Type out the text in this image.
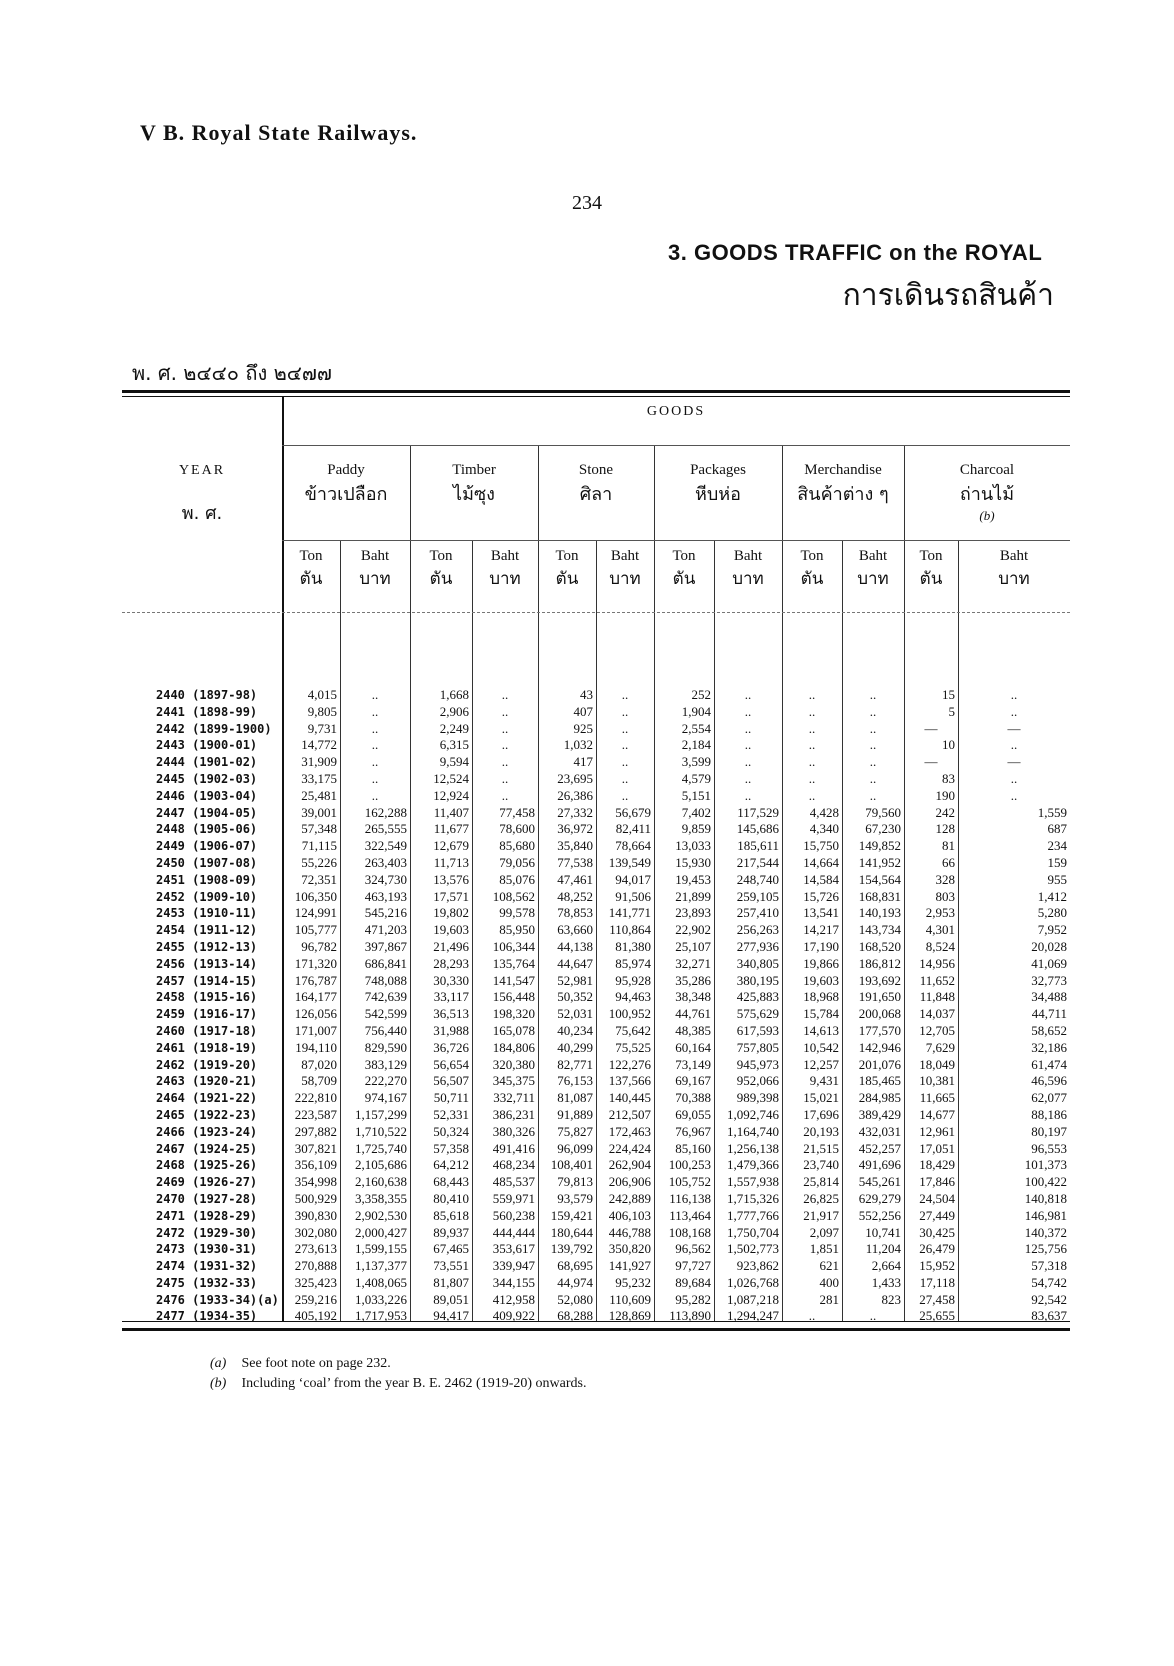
V B. Royal State Railways.
234
3. GOODS TRAFFIC on the ROYAL
การเดินรถสินค้า
พ. ศ. ๒๔๔๐ ถึง ๒๔๗๗
GOODS
YEAR
พ. ศ.
Paddy
ข้าวเปลือก
Timber
ไม้ซุง
Stone
ศิลา
Packages
หีบห่อ
Merchandise
สินค้าต่าง ๆ
Charcoal
ถ่านไม้
(b)
Ton
ตัน
Baht
บาท
Ton
ตัน
Baht
บาท
Ton
ตัน
Baht
บาท
Ton
ตัน
Baht
บาท
Ton
ตัน
Baht
บาท
Ton
ตัน
Baht
บาท
2440 (1897-98)	4,015	..	1,668	..	43	..	252	..	..	..	15	..	
2441 (1898-99)	9,805	..	2,906	..	407	..	1,904	..	..	..	5	..	
2442 (1899-1900)	9,731	..	2,249	..	925	..	2,554	..	..	..	—	—	
2443 (1900-01)	14,772	..	6,315	..	1,032	..	2,184	..	..	..	10	..	
2444 (1901-02)	31,909	..	9,594	..	417	..	3,599	..	..	..	—	—	
2445 (1902-03)	33,175	..	12,524	..	23,695	..	4,579	..	..	..	83	..	
2446 (1903-04)	25,481	..	12,924	..	26,386	..	5,151	..	..	..	190	..	
2447 (1904-05)	39,001	162,288	11,407	77,458	27,332	56,679	7,402	117,529	4,428	79,560	242	1,559	
2448 (1905-06)	57,348	265,555	11,677	78,600	36,972	82,411	9,859	145,686	4,340	67,230	128	687	
2449 (1906-07)	71,115	322,549	12,679	85,680	35,840	78,664	13,033	185,611	15,750	149,852	81	234	
2450 (1907-08)	55,226	263,403	11,713	79,056	77,538	139,549	15,930	217,544	14,664	141,952	66	159	
2451 (1908-09)	72,351	324,730	13,576	85,076	47,461	94,017	19,453	248,740	14,584	154,564	328	955	
2452 (1909-10)	106,350	463,193	17,571	108,562	48,252	91,506	21,899	259,105	15,726	168,831	803	1,412	
2453 (1910-11)	124,991	545,216	19,802	99,578	78,853	141,771	23,893	257,410	13,541	140,193	2,953	5,280	
2454 (1911-12)	105,777	471,203	19,603	85,950	63,660	110,864	22,902	256,263	14,217	143,734	4,301	7,952	
2455 (1912-13)	96,782	397,867	21,496	106,344	44,138	81,380	25,107	277,936	17,190	168,520	8,524	20,028	
2456 (1913-14)	171,320	686,841	28,293	135,764	44,647	85,974	32,271	340,805	19,866	186,812	14,956	41,069	
2457 (1914-15)	176,787	748,088	30,330	141,547	52,981	95,928	35,286	380,195	19,603	193,692	11,652	32,773	
2458 (1915-16)	164,177	742,639	33,117	156,448	50,352	94,463	38,348	425,883	18,968	191,650	11,848	34,488	
2459 (1916-17)	126,056	542,599	36,513	198,320	52,031	100,952	44,761	575,629	15,784	200,068	14,037	44,711	
2460 (1917-18)	171,007	756,440	31,988	165,078	40,234	75,642	48,385	617,593	14,613	177,570	12,705	58,652	
2461 (1918-19)	194,110	829,590	36,726	184,806	40,299	75,525	60,164	757,805	10,542	142,946	7,629	32,186	
2462 (1919-20)	87,020	383,129	56,654	320,380	82,771	122,276	73,149	945,973	12,257	201,076	18,049	61,474	
2463 (1920-21)	58,709	222,270	56,507	345,375	76,153	137,566	69,167	952,066	9,431	185,465	10,381	46,596	
2464 (1921-22)	222,810	974,167	50,711	332,711	81,087	140,445	70,388	989,398	15,021	284,985	11,665	62,077	
2465 (1922-23)	223,587	1,157,299	52,331	386,231	91,889	212,507	69,055	1,092,746	17,696	389,429	14,677	88,186	
2466 (1923-24)	297,882	1,710,522	50,324	380,326	75,827	172,463	76,967	1,164,740	20,193	432,031	12,961	80,197	
2467 (1924-25)	307,821	1,725,740	57,358	491,416	96,099	224,424	85,160	1,256,138	21,515	452,257	17,051	96,553	
2468 (1925-26)	356,109	2,105,686	64,212	468,234	108,401	262,904	100,253	1,479,366	23,740	491,696	18,429	101,373	
2469 (1926-27)	354,998	2,160,638	68,443	485,537	79,813	206,906	105,752	1,557,938	25,814	545,261	17,846	100,422	
2470 (1927-28)	500,929	3,358,355	80,410	559,971	93,579	242,889	116,138	1,715,326	26,825	629,279	24,504	140,818	
2471 (1928-29)	390,830	2,902,530	85,618	560,238	159,421	406,103	113,464	1,777,766	21,917	552,256	27,449	146,981	
2472 (1929-30)	302,080	2,000,427	89,937	444,444	180,644	446,788	108,168	1,750,704	2,097	10,741	30,425	140,372	
2473 (1930-31)	273,613	1,599,155	67,465	353,617	139,792	350,820	96,562	1,502,773	1,851	11,204	26,479	125,756	
2474 (1931-32)	270,888	1,137,377	73,551	339,947	68,695	141,927	97,727	923,862	621	2,664	15,952	57,318	
2475 (1932-33)	325,423	1,408,065	81,807	344,155	44,974	95,232	89,684	1,026,768	400	1,433	17,118	54,742	
2476 (1933-34)(a)	259,216	1,033,226	89,051	412,958	52,080	110,609	95,282	1,087,218	281	823	27,458	92,542	
2477 (1934-35)	405,192	1,717,953	94,417	409,922	68,288	128,869	113,890	1,294,247	..	..	25,655	83,637	
(a) See foot note on page 232.
(b) Including ‘coal’ from the year B. E. 2462 (1919-20) onwards.
